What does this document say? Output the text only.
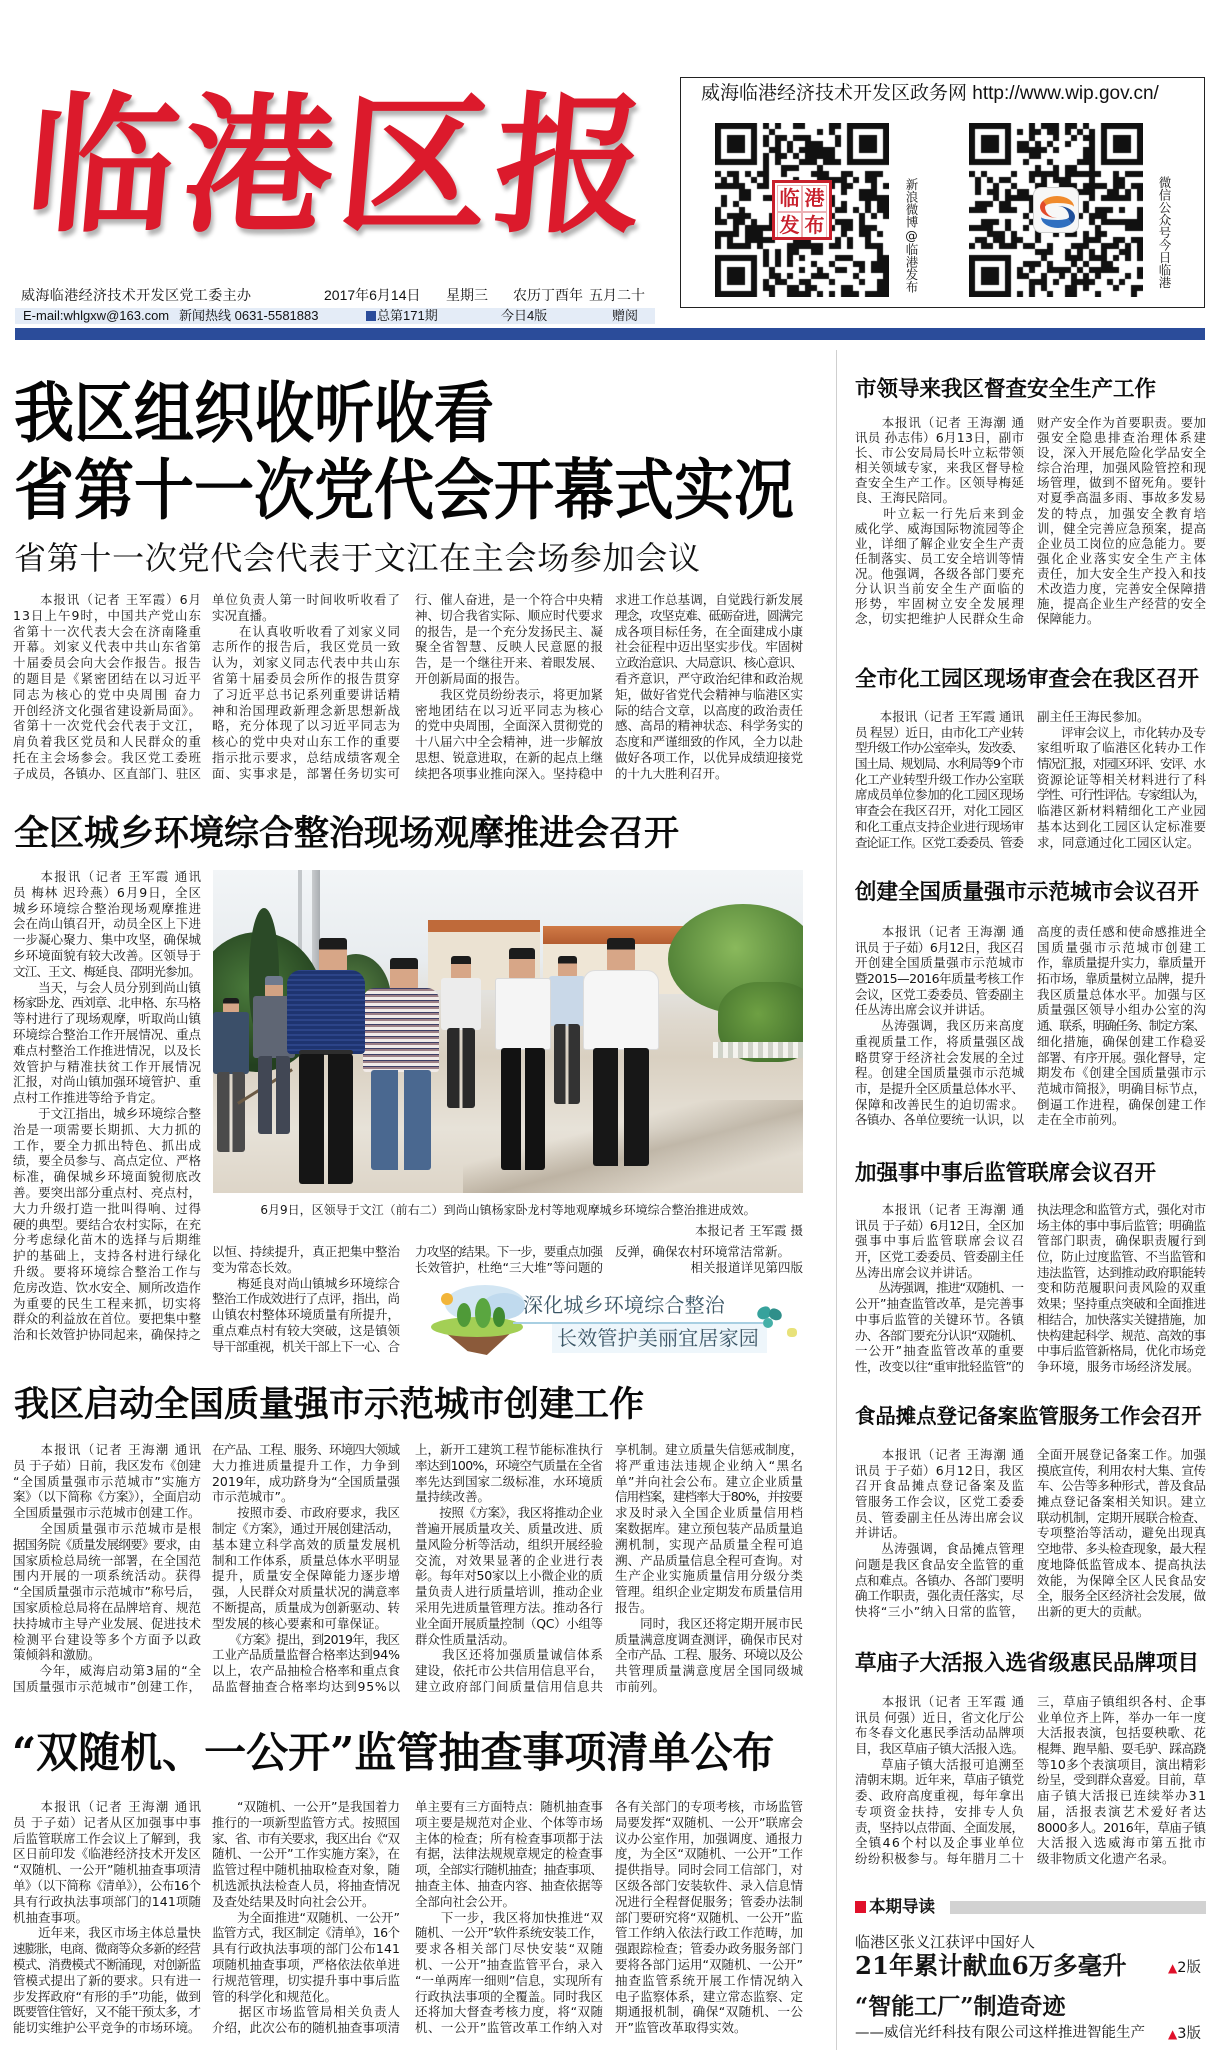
临港区报
威海临港经济技术开发区党工委主办	2017年6月14日 星期三 农历丁酉年 五月二十
E-mail:whlgxw@163.com 新闻热线 0631-5581883	总第171期	今日4版	赠阅
威海临港经济技术开发区政务网 http://www.wip.gov.cn/
临 港
发 布	新浪微博@临港发布	微信公众号今日临港
我区组织收听收看
省第十一次党代会开幕式实况
省第十一次党代会代表于文江在主会场参加会议
　　本报讯（记者 王军霞）6月
13日上午9时，中国共产党山东
省第十一次代表大会在济南隆重
开幕。刘家义代表中共山东省第
十届委员会向大会作报告。报告
的题目是《紧密团结在以习近平
同志为核心的党中央周围 奋力
开创经济文化强省建设新局面》。
省第十一次党代会代表于文江，
肩负着我区党员和人民群众的重
托在主会场参会。我区党工委班
子成员，各镇办、区直部门、驻区
单位负责人第一时间收听收看了
实况直播。
　　在认真收听收看了刘家义同
志所作的报告后，我区党员一致
认为，刘家义同志代表中共山东
省第十届委员会所作的报告贯穿
了习近平总书记系列重要讲话精
神和治国理政新理念新思想新战
略，充分体现了以习近平同志为
核心的党中央对山东工作的重要
指示批示要求，总结成绩客观全
面、实事求是，部署任务切实可
行、催人奋进，是一个符合中央精
神、切合我省实际、顺应时代要求
的报告，是一个充分发扬民主、凝
聚全省智慧、反映人民意愿的报
告，是一个继往开来、着眼发展、
开创新局面的报告。
　　我区党员纷纷表示，将更加紧
密地团结在以习近平同志为核心
的党中央周围，全面深入贯彻党的
十八届六中全会精神，进一步解放
思想、锐意进取，在新的起点上继
续把各项事业推向深入。坚持稳中
求进工作总基调，自觉践行新发展
理念，攻坚克难、砥砺奋进，圆满完
成各项目标任务，在全面建成小康
社会征程中迈出坚实步伐。牢固树
立政治意识、大局意识、核心意识、
看齐意识，严守政治纪律和政治规
矩，做好省党代会精神与临港区实
际的结合文章，以高度的政治责任
感、高昂的精神状态、科学务实的
态度和严谨细致的作风，全力以赴
做好各项工作，以优异成绩迎接党
的十九大胜利召开。
全区城乡环境综合整治现场观摩推进会召开
　　本报讯（记者 王军霞 通讯
员 梅林 迟玲燕）6月9日，全区
城乡环境综合整治现场观摩推进
会在尚山镇召开，动员全区上下进
一步凝心聚力、集中攻坚，确保城
乡环境面貌有较大改善。区领导于
文江、王文、梅延良、邵明光参加。
　　当天，与会人员分别到尚山镇
杨家卧龙、西刘章、北申格、东马格
等村进行了现场观摩，听取尚山镇
环境综合整治工作开展情况、重点
难点村整治工作推进情况，以及长
效管护与精准扶贫工作开展情况
汇报，对尚山镇加强环境管护、重
点村工作推进等给予肯定。
　　于文江指出，城乡环境综合整
治是一项需要长期抓、大力抓的
工作，要全力抓出特色、抓出成
绩，要全员参与、高点定位、严格
标准，确保城乡环境面貌彻底改
善。要突出部分重点村、亮点村，
大力升级打造一批叫得响、过得
硬的典型。要结合农村实际，在充
分考虑绿化苗木的选择与后期维
护的基础上，支持各村进行绿化
升级。要将环境综合整治工作与
危房改造、饮水安全、厕所改造作
为重要的民生工程来抓，切实将
群众的利益放在首位。要把集中整
治和长效管护协同起来，确保持之
6月9日，区领导于文江（前右二）到尚山镇杨家卧龙村等地观摩城乡环境综合整治推进成效。
本报记者 王军霞 摄
以恒、持续提升，真正把集中整治
变为常态长效。
　　梅延良对尚山镇城乡环境综合
整治工作成效进行了点评，指出，尚
山镇农村整体环境质量有所提升，
重点难点村有较大突破，这是镇领
导干部重视，机关干部上下一心、合
力攻坚的结果。下一步，要重点加强
长效管护，杜绝“三大堆”等问题的
反弹，确保农村环境常洁常新。
相关报道详见第四版
深化城乡环境综合整治
长效管护美丽宜居家园
我区启动全国质量强市示范城市创建工作
　　本报讯（记者 王海潮 通讯
员 于子茹）日前，我区发布《创建
“全国质量强市示范城市”实施方
案》（以下简称《方案》），全面启动
全国质量强市示范城市创建工作。
　　全国质量强市示范城市是根
据国务院《质量发展纲要》要求，由
国家质检总局统一部署，在全国范
围内开展的一项系统活动。获得
“全国质量强市示范城市”称号后，
国家质检总局将在品牌培育、规范
扶持城市主导产业发展、促进技术
检测平台建设等多个方面予以政
策倾斜和激励。
　　今年，威海启动第3届的“全
国质量强市示范城市”创建工作，
在产品、工程、服务、环境四大领域
大力推进质量提升工作，力争到
2019年，成功跻身为“全国质量强
市示范城市”。
　　按照市委、市政府要求，我区
制定《方案》，通过开展创建活动，
基本建立科学高效的质量发展机
制和工作体系，质量总体水平明显
提升，质量安全保障能力逐步增
强，人民群众对质量状况的满意率
不断提高，质量成为创新驱动、转
型发展的核心要素和可靠保证。
　　《方案》提出，到2019年，我区
工业产品质量监督合格率达到94%
以上，农产品抽检合格率和重点食
品监督抽查合格率均达到95%以
上，新开工建筑工程节能标准执行
率达到100%，环境空气质量在全省
率先达到国家二级标准，水环境质
量持续改善。
　　按照《方案》，我区将推动企业
普遍开展质量攻关、质量改进、质
量风险分析等活动，组织开展经验
交流，对效果显著的企业进行表
彰。每年对50家以上小微企业的质
量负责人进行质量培训，推动企业
采用先进质量管理方法。推动各行
业全面开展质量控制（QC）小组等
群众性质量活动。
　　我区还将加强质量诚信体系
建设，依托市公共信用信息平台，
建立政府部门间质量信用信息共
享机制。建立质量失信惩戒制度，
将严重违法违规企业纳入“黑名
单”并向社会公布。建立企业质量
信用档案，建档率大于80%，并按要
求及时录入全国企业质量信用档
案数据库。建立预包装产品质量追
溯机制，实现产品质量全程可追
溯、产品质量信息全程可查询。对
生产企业实施质量信用分级分类
管理。组织企业定期发布质量信用
报告。
　　同时，我区还将定期开展市民
质量满意度调查测评，确保市民对
全市产品、工程、服务、环境以及公
共管理质量满意度居全国同级城
市前列。
“双随机、一公开”监管抽查事项清单公布
　　本报讯（记者 王海潮 通讯
员 于子茹）记者从区加强事中事
后监管联席工作会议上了解到，我
区日前印发《临港经济技术开发区
“双随机、一公开”随机抽查事项清
单》（以下简称《清单》），公布16个
具有行政执法事项部门的141项随
机抽查事项。
　　近年来，我区市场主体总量快
速膨胀，电商、微商等众多新的经营
模式、消费模式不断涌现，对创新监
管模式提出了新的要求。只有进一
步发挥政府“有形的手”功能，做到
既要管住管好，又不能干预太多，才
能切实维护公平竞争的市场环境。
　　“双随机、一公开”是我国着力
推行的一项新型监管方式。按照国
家、省、市有关要求，我区出台《“双
随机、一公开”工作实施方案》，在
监管过程中随机抽取检查对象，随
机选派执法检查人员，将抽查情况
及查处结果及时向社会公开。
　　为全面推进“双随机、一公开”
监管方式，我区制定《清单》，16个
具有行政执法事项的部门公布141
项随机抽查事项，严格依法依单进
行规范管理，切实提升事中事后监
管的科学化和规范化。
　　据区市场监管局相关负责人
介绍，此次公布的随机抽查事项清
单主要有三方面特点：随机抽查事
项主要是规范对企业、个体等市场
主体的检查；所有检查事项都于法
有据，法律法规规章规定的检查事
项，全部实行随机抽查；抽查事项、
抽查主体、抽查内容、抽查依据等
全部向社会公开。
　　下一步，我区将加快推进“双
随机、一公开”软件系统安装工作，
要求各相关部门尽快安装“双随
机、一公开”抽查监管平台，录入
“一单两库一细则”信息，实现所有
行政执法事项的全覆盖。同时我区
还将加大督查考核力度，将“双随
机、一公开”监管改革工作纳入对
各有关部门的专项考核，市场监管
局要发挥“双随机、一公开”联席会
议办公室作用，加强调度、通报力
度，为全区“双随机、一公开”工作
提供指导。同时会同工信部门，对
区级各部门安装软件、录入信息情
况进行全程督促服务；管委办法制
部门要研究将“双随机、一公开”监
管工作纳入依法行政工作范畴，加
强跟踪检查；管委办政务服务部门
要将各部门运用“双随机、一公开”
抽查监管系统开展工作情况纳入
电子监察体系，建立常态监察、定
期通报机制，确保“双随机、一公
开”监管改革取得实效。
市领导来我区督查安全生产工作
　　本报讯（记者 王海潮 通
讯员 孙志伟）6月13日，副市
长、市公安局局长叶立耘带领
相关领域专家，来我区督导检
查安全生产工作。区领导梅延
良、王海民陪同。
　　叶立耘一行先后来到金
威化学、威海国际物流园等企
业，详细了解企业安全生产责
任制落实、员工安全培训等情
况。他强调，各级各部门要充
分认识当前安全生产面临的
形势，牢固树立安全发展理
念，切实把维护人民群众生命
财产安全作为首要职责。要加
强安全隐患排查治理体系建
设，深入开展危险化学品安全
综合治理，加强风险管控和现
场管理，做到不留死角。要针
对夏季高温多雨、事故多发易
发的特点，加强安全教育培
训，健全完善应急预案，提高
企业员工岗位的应急能力。要
强化企业落实安全生产主体
责任，加大安全生产投入和技
术改造力度，完善安全保障措
施，提高企业生产经营的安全
保障能力。
全市化工园区现场审查会在我区召开
　　本报讯（记者 王军霞 通讯
员 程昱）近日，由市化工产业转
型升级工作办公室牵头，发改委、
国土局、规划局、水利局等9个市
化工产业转型升级工作办公室联
席成员单位参加的化工园区现场
审查会在我区召开，对化工园区
和化工重点支持企业进行现场审
查论证工作。区党工委委员、管委
副主任王海民参加。
　　评审会议上，市化转办及专
家组听取了临港区化转办工作
情况汇报，对园区环评、安评、水
资源论证等相关材料进行了科
学性、可行性评估。专家组认为，
临港区新材料精细化工产业园
基本达到化工园区认定标准要
求，同意通过化工园区认定。
创建全国质量强市示范城市会议召开
　　本报讯（记者 王海潮 通
讯员 于子茹）6月12日，我区召
开创建全国质量强市示范城市
暨2015—2016年质量考核工作
会议，区党工委委员、管委副主
任丛涛出席会议并讲话。
　　丛涛强调，我区历来高度
重视质量工作，将质量强区战
略贯穿于经济社会发展的全过
程。创建全国质量强市示范城
市，是提升全区质量总体水平、
保障和改善民生的迫切需求。
各镇办、各单位要统一认识，以
高度的责任感和使命感推进全
国质量强市示范城市创建工
作，靠质量提升实力，靠质量开
拓市场，靠质量树立品牌，提升
我区质量总体水平。加强与区
质量强区领导小组办公室的沟
通、联系，明确任务、制定方案、
细化措施，确保创建工作稳妥
部署、有序开展。强化督导，定
期发布《创建全国质量强市示
范城市简报》，明确目标节点，
倒逼工作进程，确保创建工作
走在全市前列。
加强事中事后监管联席会议召开
　　本报讯（记者 王海潮 通
讯员 于子茹）6月12日，全区加
强事中事后监管联席会议召
开，区党工委委员、管委副主任
丛涛出席会议并讲话。
　　丛涛强调，推进“双随机、一
公开”抽查监管改革，是完善事
中事后监管的关键环节。各镇
办、各部门要充分认识“双随机、
一公开”抽查监管改革的重要
性，改变以往“重审批轻监管”的
执法理念和监管方式，强化对市
场主体的事中事后监管；明确监
管部门职责，确保职责履行到
位，防止过度监管、不当监管和
违法监管，达到推动政府职能转
变和防范履职问责风险的双重
效果；坚持重点突破和全面推进
相结合，加快落实关键措施，加
快构建起科学、规范、高效的事
中事后监管新格局，优化市场竞
争环境，服务市场经济发展。
食品摊点登记备案监管服务工作会召开
　　本报讯（记者 王海潮 通
讯员 于子茹）6月12日，我区
召开食品摊点登记备案及监
管服务工作会议，区党工委委
员、管委副主任丛涛出席会议
并讲话。
　　丛涛强调，食品摊点管理
问题是我区食品安全监管的重
点和难点。各镇办、各部门要明
确工作职责，强化责任落实，尽
快将“三小”纳入日常的监管，
全面开展登记备案工作。加强
摸底宣传，利用农村大集、宣传
车、公告等多种形式，普及食品
摊点登记备案相关知识。建立
联动机制，定期开展联合检查、
专项整治等活动，避免出现真
空地带、多头检查现象，最大程
度地降低监管成本、提高执法
效能，为保障全区人民食品安
全，服务全区经济社会发展，做
出新的更大的贡献。
草庙子大活报入选省级惠民品牌项目
　　本报讯（记者 王军霞 通
讯员 何强）近日，省文化厅公
布冬春文化惠民季活动品牌项
目，我区草庙子镇大活报入选。
　　草庙子镇大活报可追溯至
清朝末期。近年来，草庙子镇党
委、政府高度重视，每年拿出
专项资金扶持，安排专人负
责，坚持以点带面、全面发展，
全镇46个村以及企事业单位
纷纷积极参与。每年腊月二十
三，草庙子镇组织各村、企事
业单位齐上阵，举办一年一度
大活报表演，包括耍秧歌、花
棍舞、跑旱船、耍毛驴、踩高跷
等10多个表演项目，演出精彩
纷呈，受到群众喜爱。目前，草
庙子镇大活报已连续举办31
届，活报表演艺术爱好者达
8000多人。2016年，草庙子镇
大活报入选威海市第五批市
级非物质文化遗产名录。
本期导读
临港区张义江获评中国好人
21年累计献血6万多毫升	▲2版
“智能工厂”制造奇迹
——威信光纤科技有限公司这样推进智能生产 ▲3版
